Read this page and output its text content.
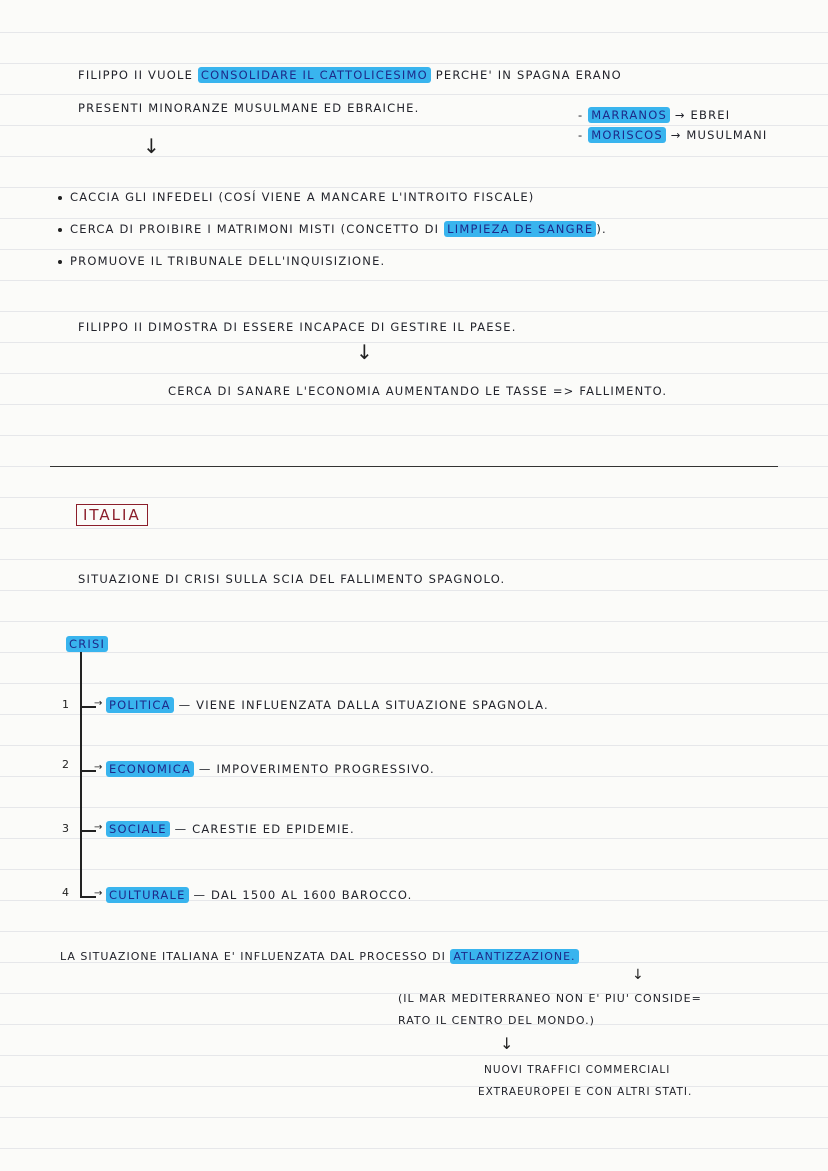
FILIPPO II VUOLE CONSOLIDARE IL CATTOLICESIMO PERCHE' IN SPAGNA ERANO
PRESENTI MINORANZE MUSULMANE ED EBRAICHE.	- MARRANOS → EBREI
- MORISCOS → MUSULMANI
↓
CACCIA GLI INFEDELI (COSÍ VIENE A MANCARE L'INTROITO FISCALE)
CERCA DI PROIBIRE I MATRIMONI MISTI (CONCETTO DI LIMPIEZA DE SANGRE ).
PROMUOVE IL TRIBUNALE DELL'INQUISIZIONE.
FILIPPO II DIMOSTRA DI ESSERE INCAPACE DI GESTIRE IL PAESE.
↓
CERCA DI SANARE L'ECONOMIA AUMENTANDO LE TASSE => FALLIMENTO.
ITALIA
SITUAZIONE DI CRISI SULLA SCIA DEL FALLIMENTO SPAGNOLO.
CRISI
1	→ POLITICA — VIENE INFLUENZATA DALLA SITUAZIONE SPAGNOLA.
2	→ ECONOMICA — IMPOVERIMENTO PROGRESSIVO.
3	→ SOCIALE — CARESTIE ED EPIDEMIE.
4	→ CULTURALE — DAL 1500 AL 1600 BAROCCO.
LA SITUAZIONE ITALIANA E' INFLUENZATA DAL PROCESSO DI ATLANTIZZAZIONE.
↓
(IL MAR MEDITERRANEO NON E' PIU' CONSIDE=
RATO IL CENTRO DEL MONDO.)
↓
NUOVI TRAFFICI COMMERCIALI
EXTRAEUROPEI E CON ALTRI STATI.
